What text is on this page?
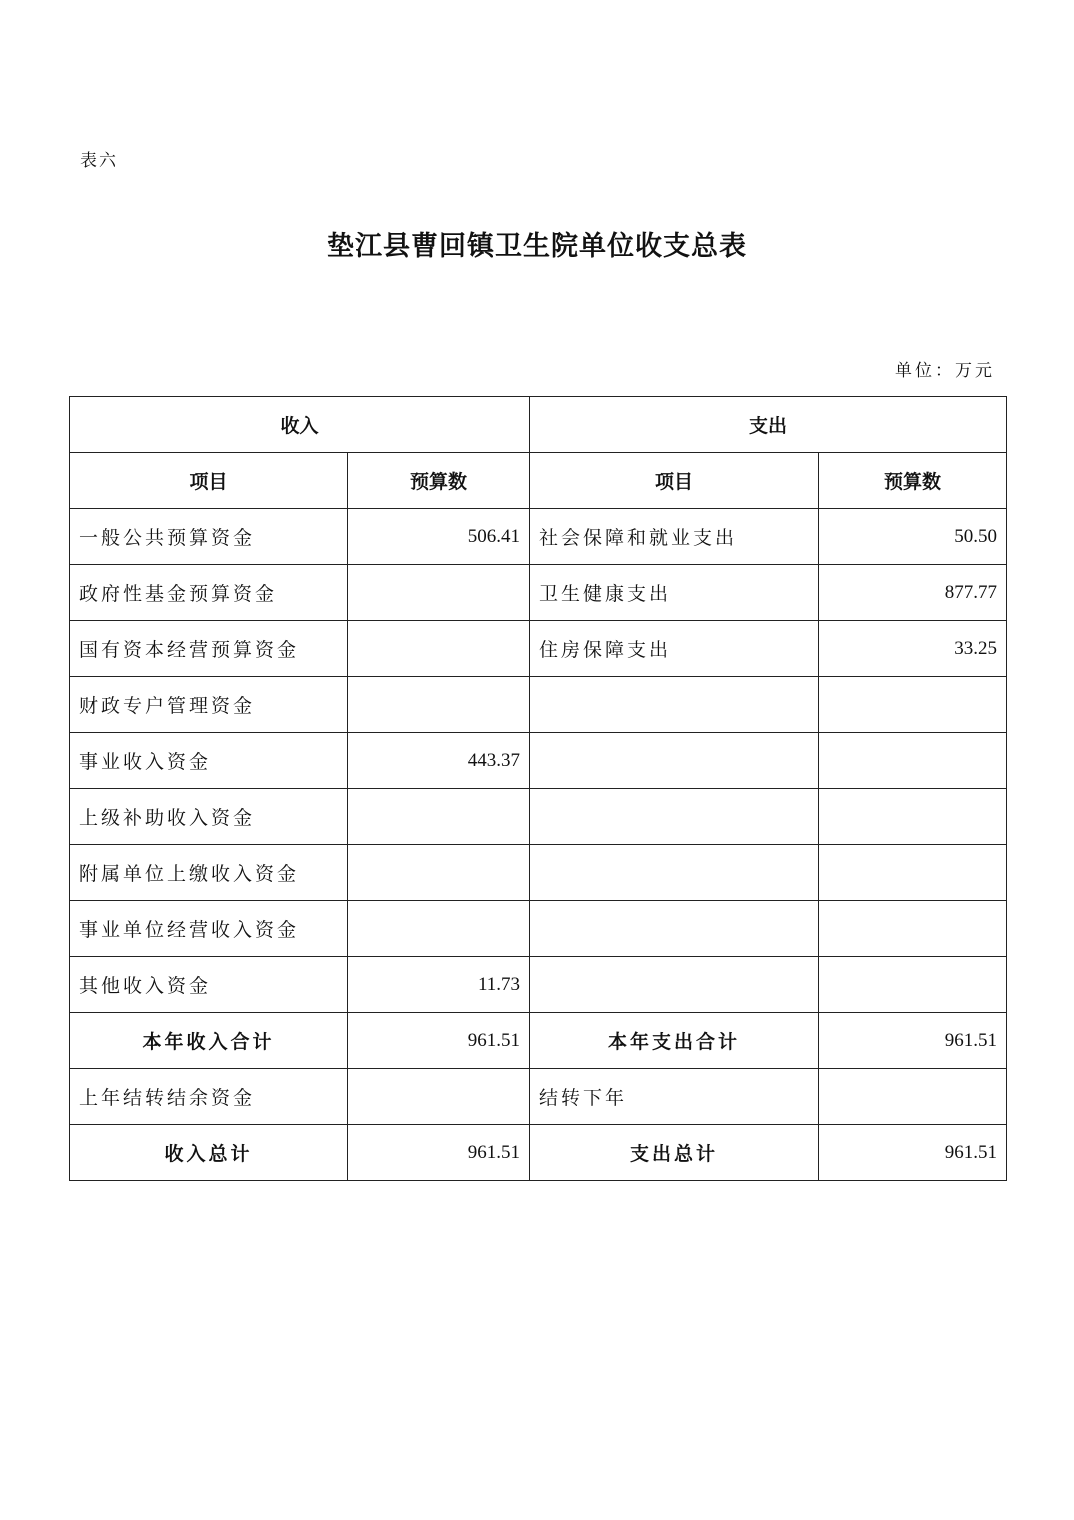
表六
垫江县曹回镇卫生院单位收支总表
单位：万元
收入		支出	
项目	预算数	项目	预算数
一般公共预算资金	506.41	社会保障和就业支出	50.50
政府性基金预算资金		卫生健康支出	877.77
国有资本经营预算资金		住房保障支出	33.25
财政专户管理资金			
事业收入资金	443.37		
上级补助收入资金			
附属单位上缴收入资金			
事业单位经营收入资金			
其他收入资金	11.73		
本年收入合计	961.51	本年支出合计	961.51
上年结转结余资金		结转下年	
收入总计	961.51	支出总计	961.51
